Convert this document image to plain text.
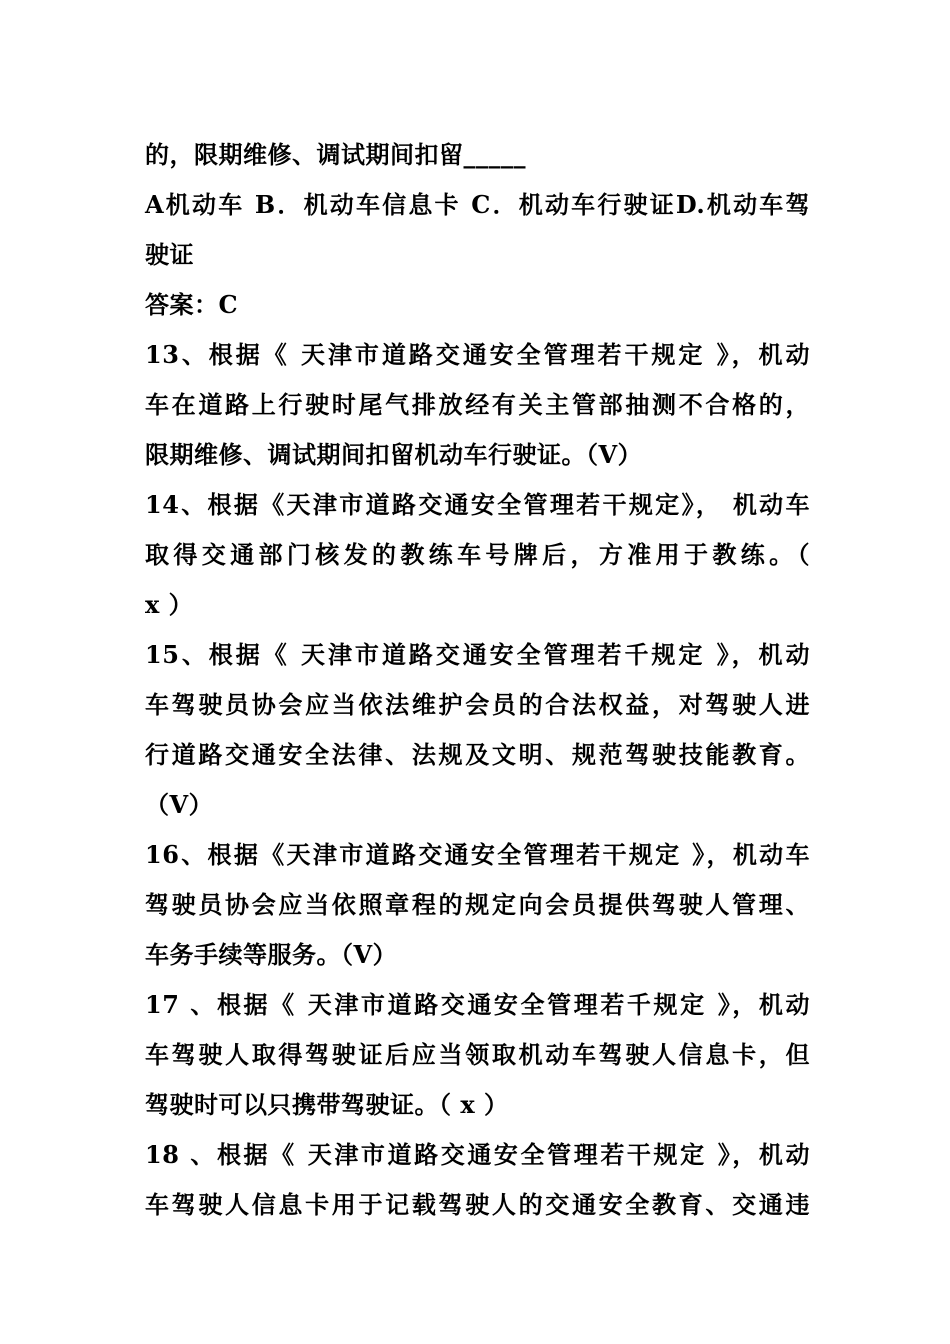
的，限期维修、调试期间扣留_____
A机动车 B．机动车信息卡 C．机动车行驶证D.机动车驾
驶证
答案：C
13、根据《 天津市道路交通安全管理若干规定 》，机动
车在道路上行驶时尾气排放经有关主管部抽测不合格的，
限期维修、调试期间扣留机动车行驶证。（V）
14、根据《天津市道路交通安全管理若干规定》， 机动车
取得交通部门核发的教练车号牌后，方准用于教练。（
x ）
15、根据《 天津市道路交通安全管理若千规定 》，机动
车驾驶员协会应当依法维护会员的合法权益，对驾驶人进
行道路交通安全法律、法规及文明、规范驾驶技能教育。
（V）
16、根据《天津市道路交通安全管理若干规定 》，机动车
驾驶员协会应当依照章程的规定向会员提供驾驶人管理、
车务手续等服务。（V）
17 、根据《 天津市道路交通安全管理若千规定 》，机动
车驾驶人取得驾驶证后应当领取机动车驾驶人信息卡，但
驾驶时可以只携带驾驶证。（ x ）
18 、根据《 天津市道路交通安全管理若干规定 》，机动
车驾驶人信息卡用于记载驾驶人的交通安全教育、交通违
